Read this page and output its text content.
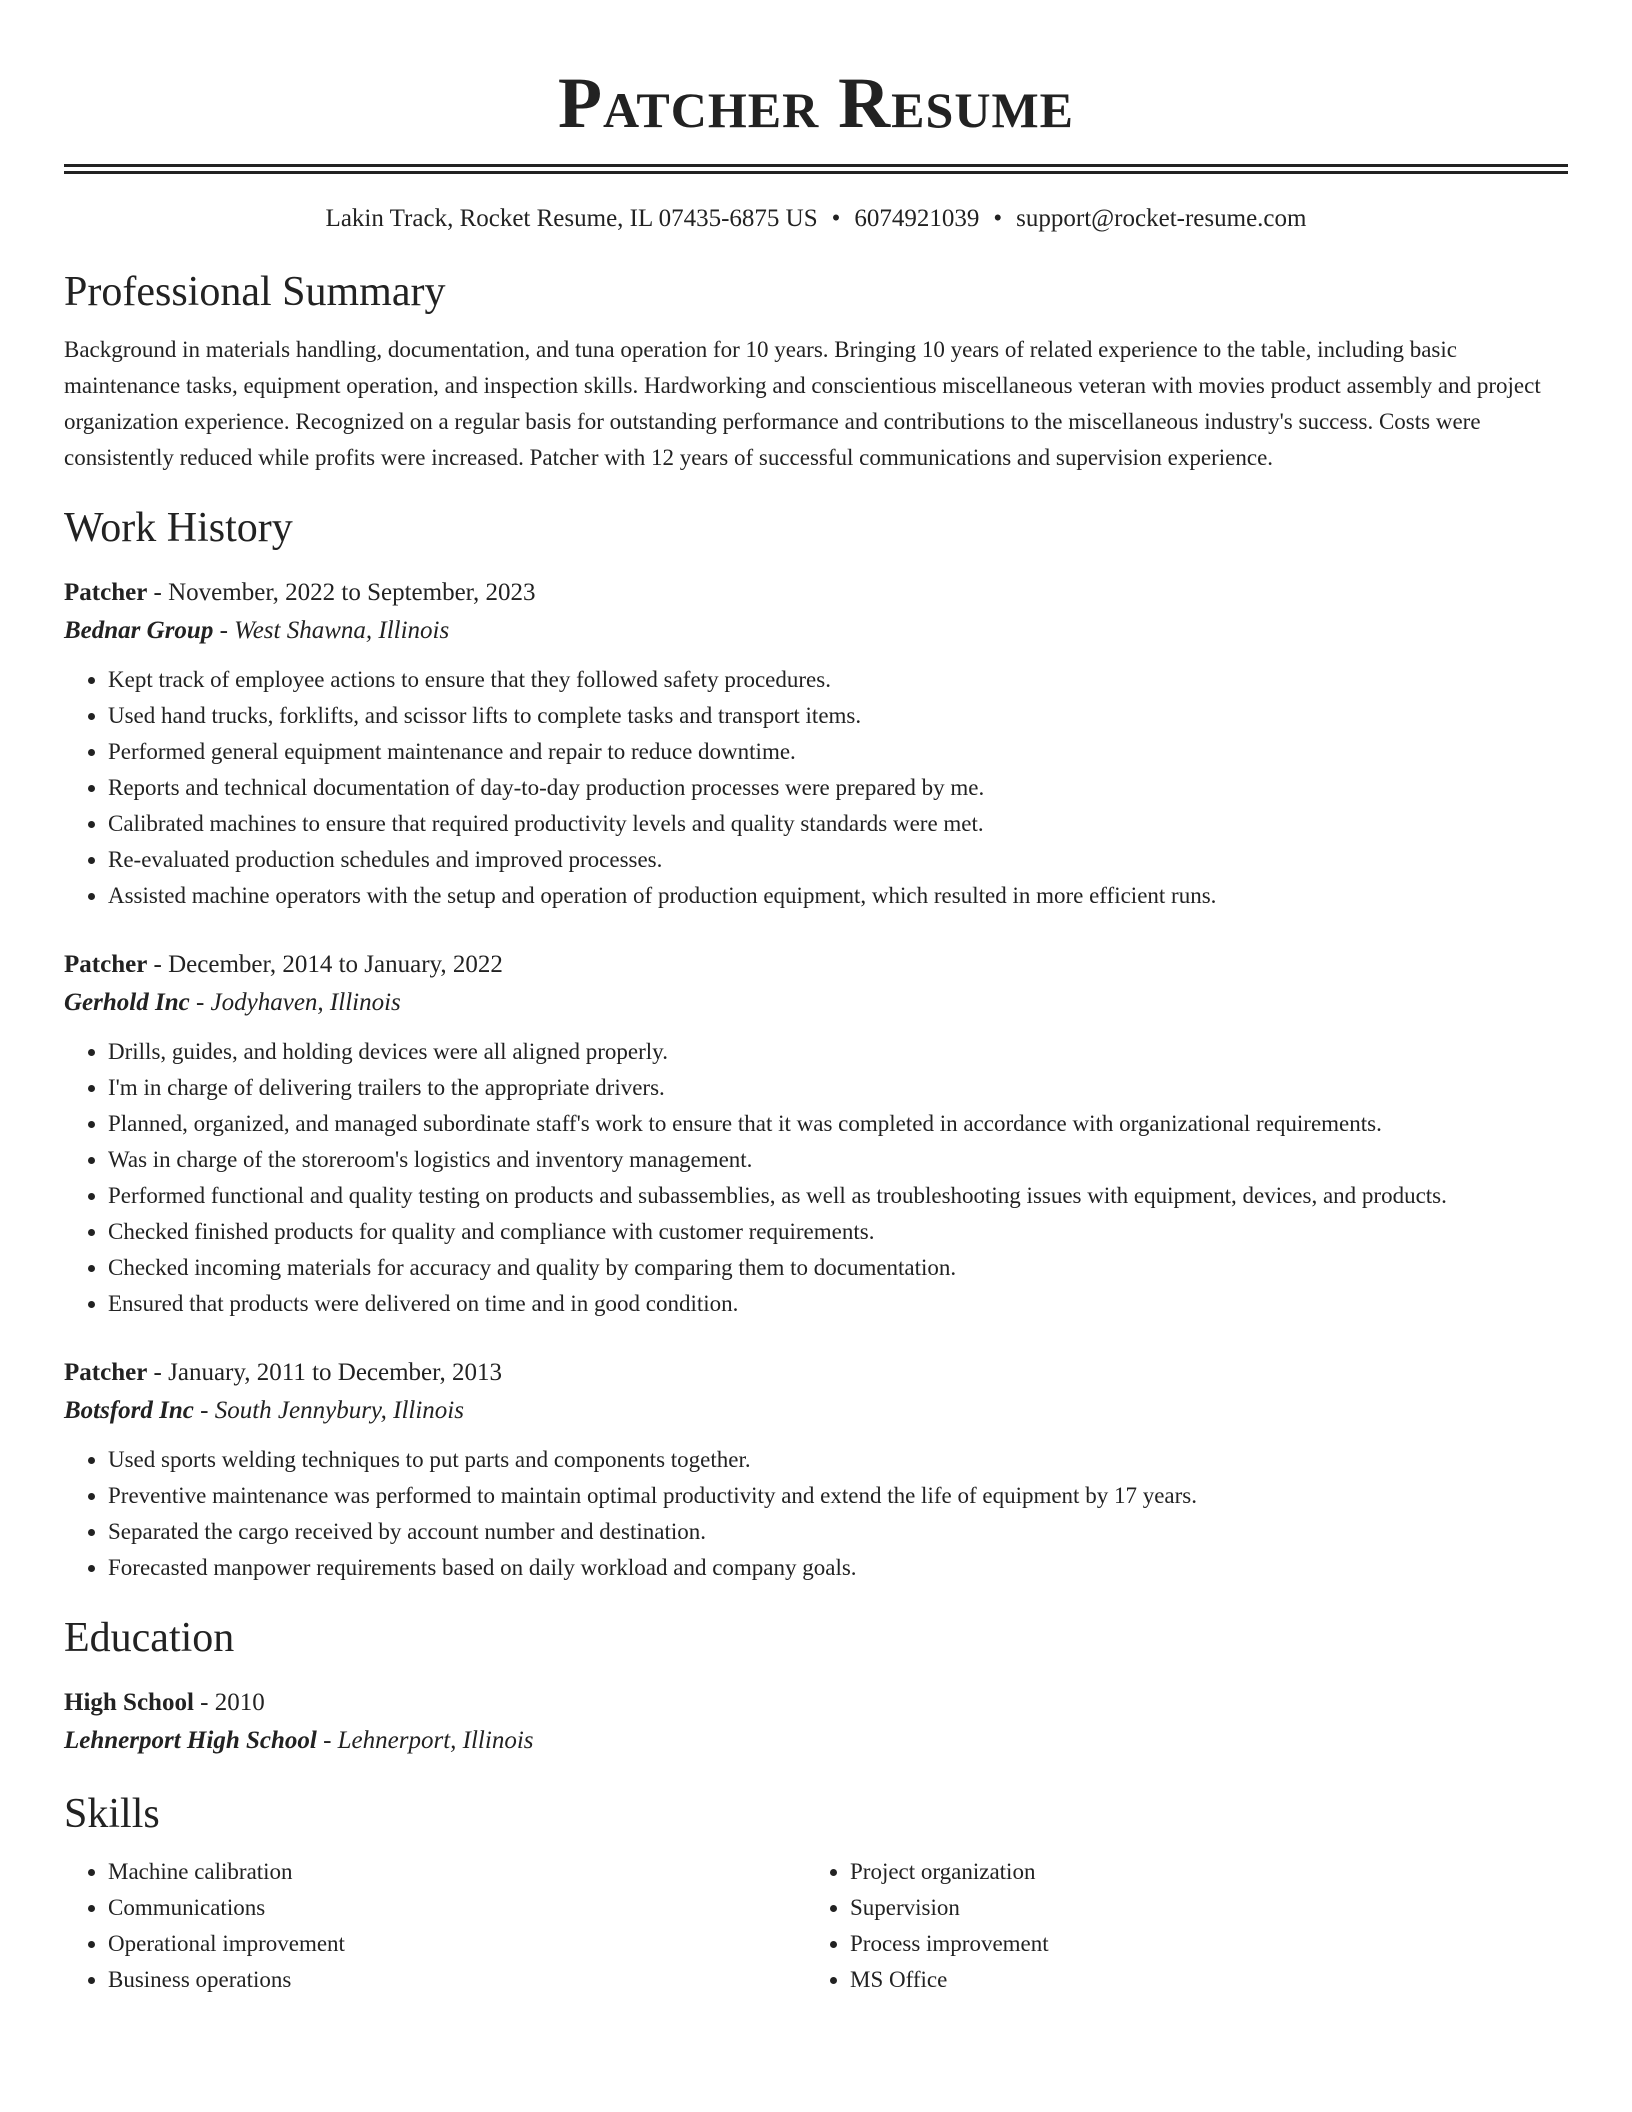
Patcher Resume
Lakin Track, Rocket Resume, IL 07435-6875 US • 6074921039 • support@rocket-resume.com
Professional Summary

Background in materials handling, documentation, and tuna operation for 10 years. Bringing 10 years of related experience to the table, including basic maintenance tasks, equipment operation, and inspection skills. Hardworking and conscientious miscellaneous veteran with movies product assembly and project organization experience. Recognized on a regular basis for outstanding performance and contributions to the miscellaneous industry's success. Costs were consistently reduced while profits were increased. Patcher with 12 years of successful communications and supervision experience.

Work History
Patcher - November, 2022 to September, 2023
Bednar Group - West Shawna, Illinois
• Kept track of employee actions to ensure that they followed safety procedures.
• Used hand trucks, forklifts, and scissor lifts to complete tasks and transport items.
• Performed general equipment maintenance and repair to reduce downtime.
• Reports and technical documentation of day-to-day production processes were prepared by me.
• Calibrated machines to ensure that required productivity levels and quality standards were met.
• Re-evaluated production schedules and improved processes.
• Assisted machine operators with the setup and operation of production equipment, which resulted in more efficient runs.
Patcher - December, 2014 to January, 2022
Gerhold Inc - Jodyhaven, Illinois
• Drills, guides, and holding devices were all aligned properly.
• I'm in charge of delivering trailers to the appropriate drivers.
• Planned, organized, and managed subordinate staff's work to ensure that it was completed in accordance with organizational requirements.
• Was in charge of the storeroom's logistics and inventory management.
• Performed functional and quality testing on products and subassemblies, as well as troubleshooting issues with equipment, devices, and products.
• Checked finished products for quality and compliance with customer requirements.
• Checked incoming materials for accuracy and quality by comparing them to documentation.
• Ensured that products were delivered on time and in good condition.
Patcher - January, 2011 to December, 2013
Botsford Inc - South Jennybury, Illinois
• Used sports welding techniques to put parts and components together.
• Preventive maintenance was performed to maintain optimal productivity and extend the life of equipment by 17 years.
• Separated the cargo received by account number and destination.
• Forecasted manpower requirements based on daily workload and company goals.
Education
High School - 2010
Lehnerport High School - Lehnerport, Illinois
Skills
• Machine calibration
• Communications
• Operational improvement
• Business operations
• Project organization
• Supervision
• Process improvement
• MS Office
